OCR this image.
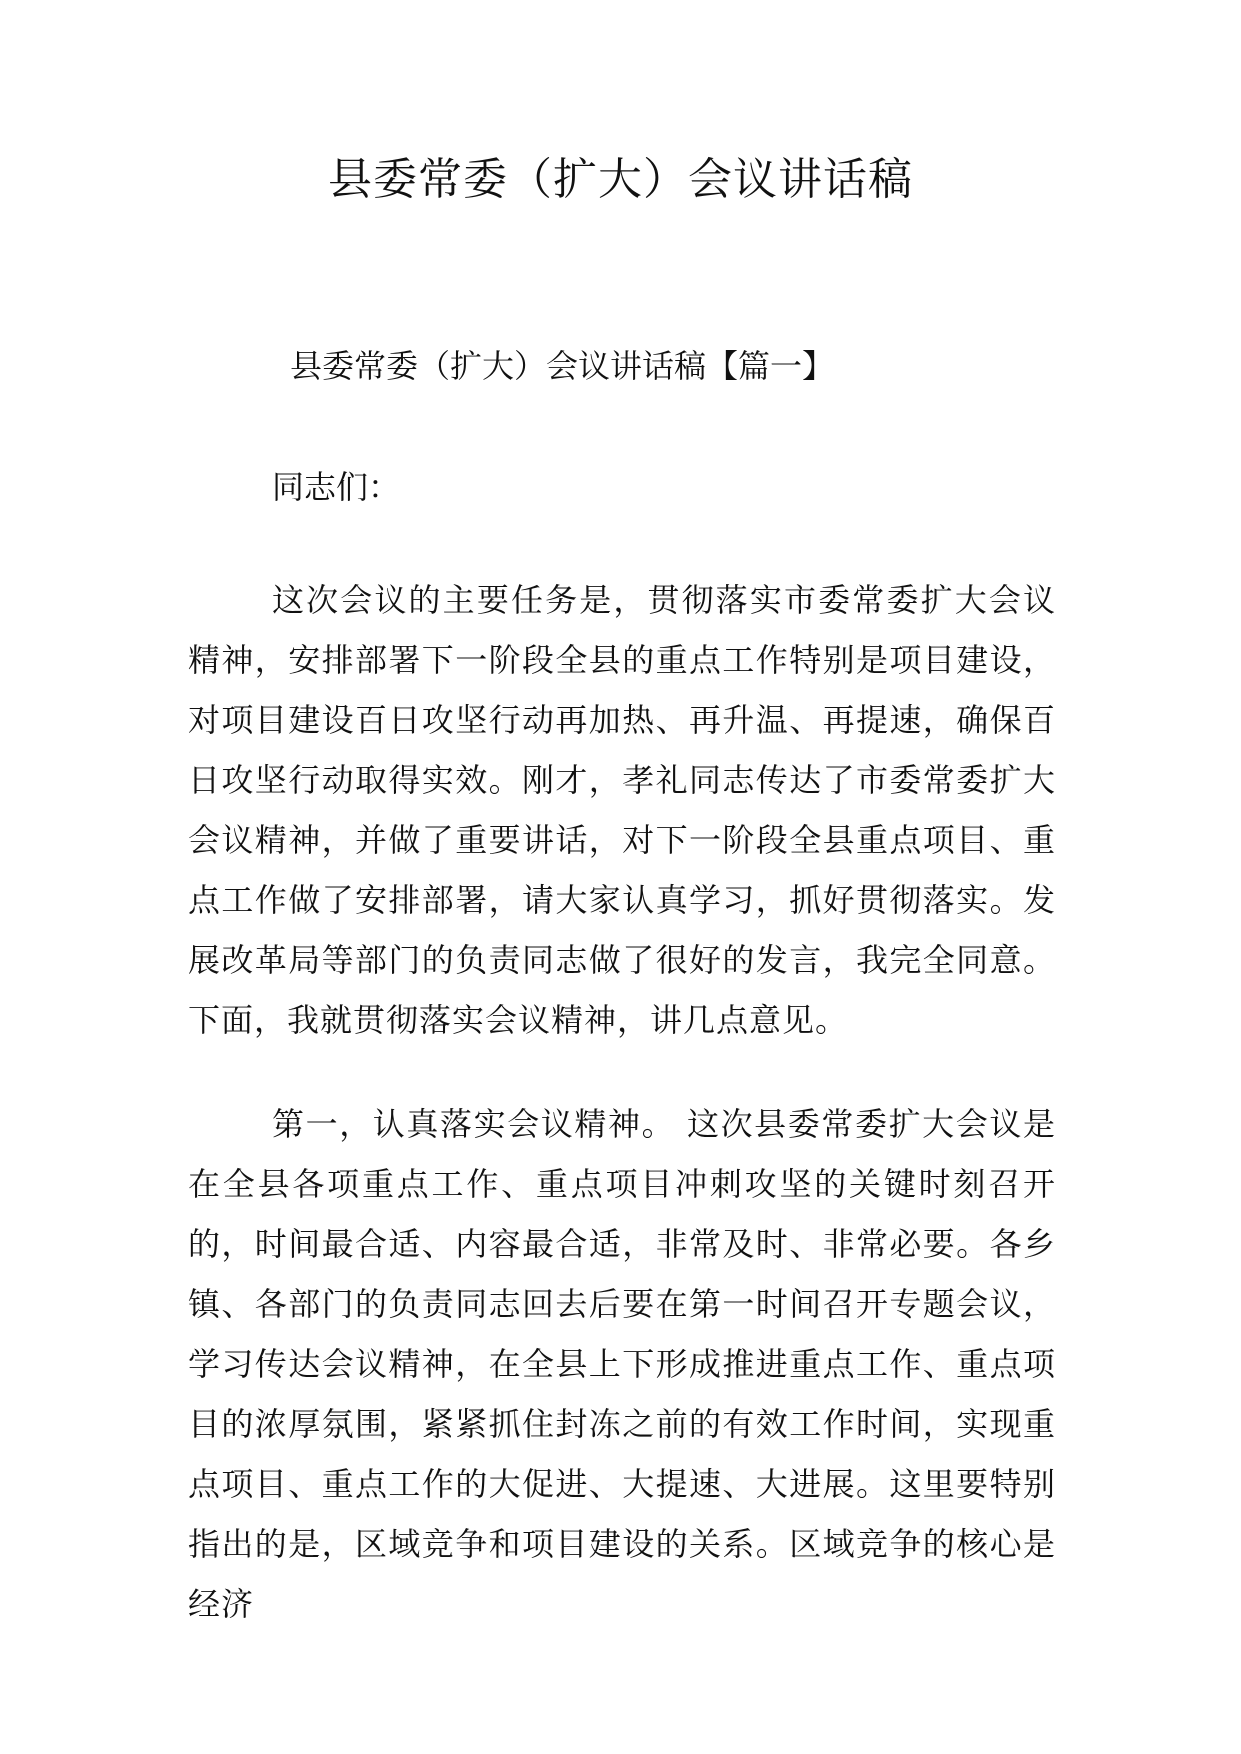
县委常委（扩大）会议讲话稿
县委常委（扩大）会议讲话稿【篇一】

同志们：

这次会议的主要任务是，贯彻落实市委常委扩大会议精神，安排部署下一阶段全县的重点工作特别是项目建设，对项目建设百日攻坚行动再加热、再升温、再提速，确保百日攻坚行动取得实效。刚才，孝礼同志传达了市委常委扩大会议精神，并做了重要讲话，对下一阶段全县重点项目、重点工作做了安排部署，请大家认真学习，抓好贯彻落实。发展改革局等部门的负责同志做了很好的发言，我完全同意。下面，我就贯彻落实会议精神，讲几点意见。

第一，认真落实会议精神。 这次县委常委扩大会议是在全县各项重点工作、重点项目冲刺攻坚的关键时刻召开的，时间最合适、内容最合适，非常及时、非常必要。各乡镇、各部门的负责同志回去后要在第一时间召开专题会议，学习传达会议精神，在全县上下形成推进重点工作、重点项目的浓厚氛围，紧紧抓住封冻之前的有效工作时间，实现重点项目、重点工作的大促进、大提速、大进展。这里要特别指出的是，区域竞争和项目建设的关系。区域竞争的核心是经济
